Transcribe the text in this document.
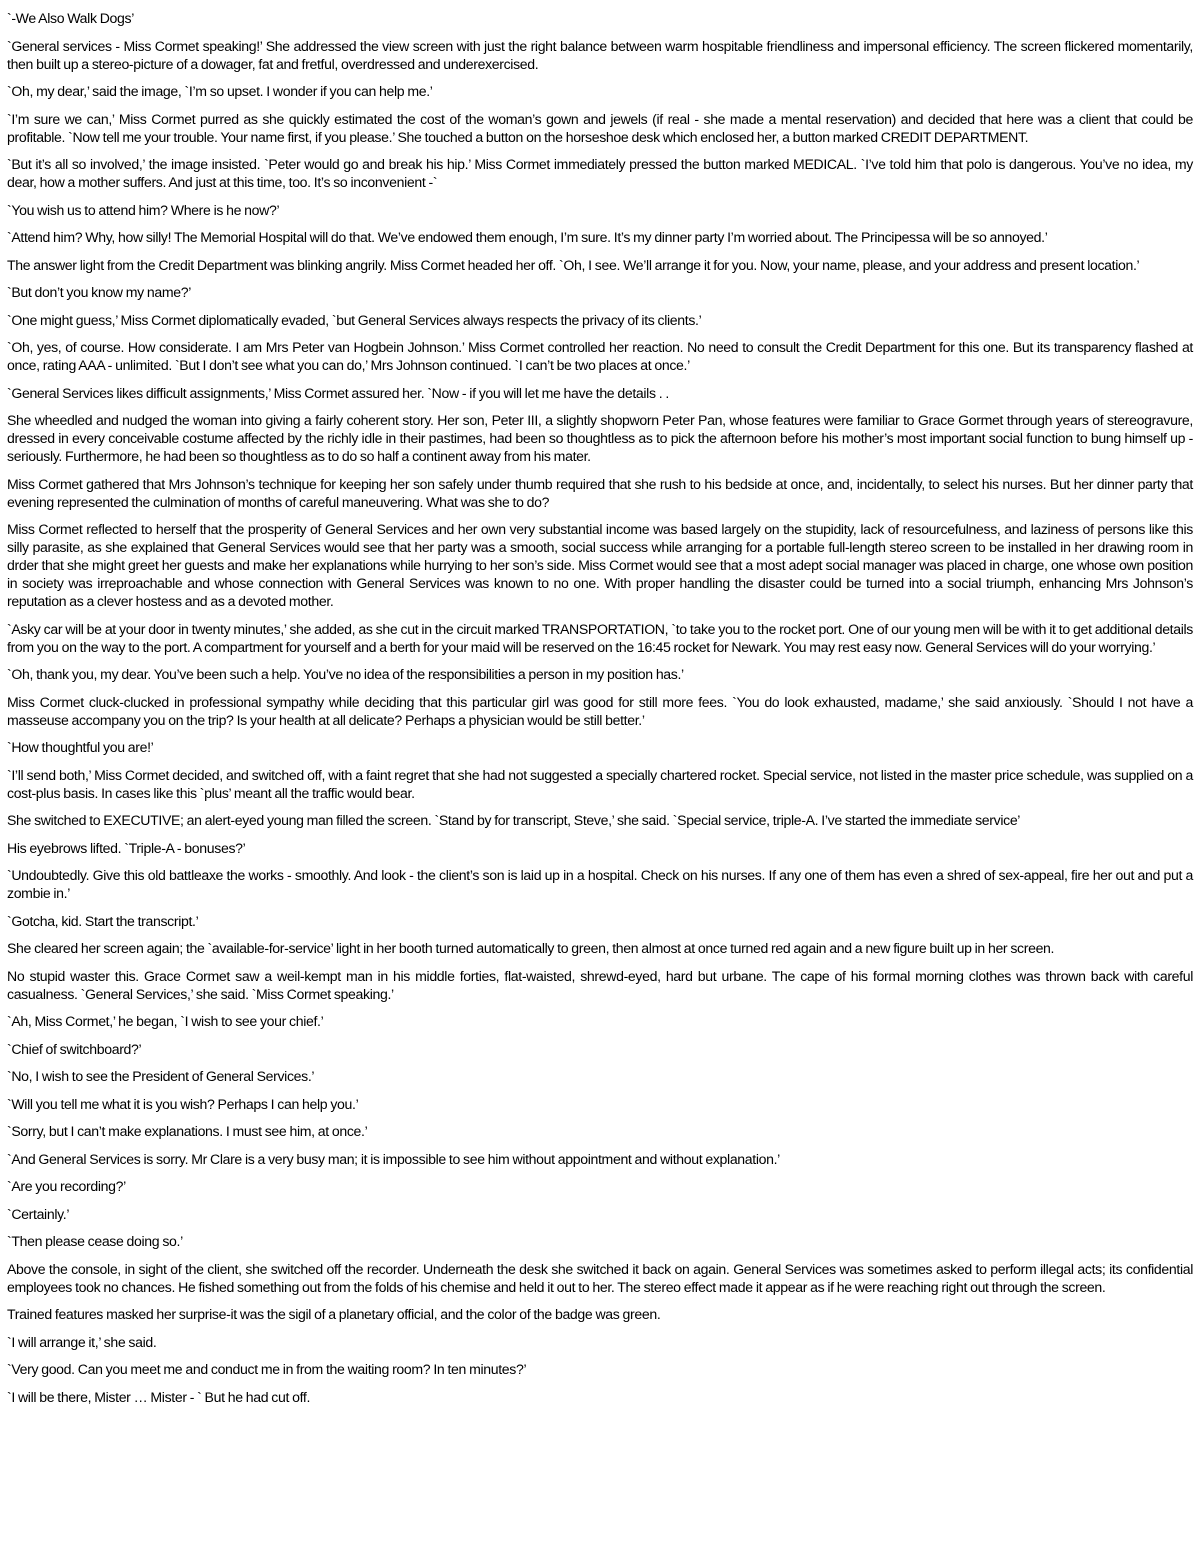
`-We Also Walk Dogs’

`General services - Miss Cormet speaking!’ She addressed the view screen with just the right balance between warm hospitable friendliness and impersonal efficiency. The screen flickered momentarily, then built up a stereo-picture of a dowager, fat and fretful, overdressed and underexercised.

`Oh, my dear,’ said the image, `I’m so upset. I wonder if you can help me.’

`I’m sure we can,’ Miss Cormet purred as she quickly estimated the cost of the woman’s gown and jewels (if real - she made a mental reservation) and decided that here was a client that could be profitable. `Now tell me your trouble. Your name first, if you please.’ She touched a button on the horseshoe desk which enclosed her, a button marked CREDIT DEPARTMENT.

`But it’s all so involved,’ the image insisted. `Peter would go and break his hip.’ Miss Cormet immediately pressed the button marked MEDICAL. `I’ve told him that polo is dangerous. You’ve no idea, my dear, how a mother suffers. And just at this time, too. It’s so inconvenient -`

`You wish us to attend him? Where is he now?’

`Attend him? Why, how silly! The Memorial Hospital will do that. We’ve endowed them enough, I’m sure. It’s my dinner party I’m worried about. The Principessa will be so annoyed.’

The answer light from the Credit Department was blinking angrily. Miss Cormet headed her off. `Oh, I see. We’ll arrange it for you. Now, your name, please, and your address and present location.’

`But don’t you know my name?’

`One might guess,’ Miss Cormet diplomatically evaded, `but General Services always respects the privacy of its clients.’

`Oh, yes, of course. How considerate. I am Mrs Peter van Hogbein Johnson.’ Miss Cormet controlled her reaction. No need to consult the Credit Department for this one. But its transparency flashed at once, rating AAA - unlimited. `But I don’t see what you can do,’ Mrs Johnson continued. `I can’t be two places at once.’

`General Services likes difficult assignments,’ Miss Cormet assured her. `Now - if you will let me have the details . .

She wheedled and nudged the woman into giving a fairly coherent story. Her son, Peter III, a slightly shopworn Peter Pan, whose features were familiar to Grace Gormet through years of stereogravure, dressed in every conceivable costume affected by the richly idle in their pastimes, had been so thoughtless as to pick the afternoon before his mother’s most important social function to bung himself up - seriously. Furthermore, he had been so thoughtless as to do so half a continent away from his mater.

Miss Cormet gathered that Mrs Johnson’s technique for keeping her son safely under thumb required that she rush to his bedside at once, and, incidentally, to select his nurses. But her dinner party that evening represented the culmination of months of careful maneuvering. What was she to do?

Miss Cormet reflected to herself that the prosperity of General Services and her own very substantial income was based largely on the stupidity, lack of resourcefulness, and laziness of persons like this silly parasite, as she explained that General Services would see that her party was a smooth, social success while arranging for a portable full-length stereo screen to be installed in her drawing room in drder that she might greet her guests and make her explanations while hurrying to her son’s side. Miss Cormet would see that a most adept social manager was placed in charge, one whose own position in society was irreproachable and whose connection with General Services was known to no one. With proper handling the disaster could be turned into a social triumph, enhancing Mrs Johnson’s reputation as a clever hostess and as a devoted mother.

`Asky car will be at your door in twenty minutes,’ she added, as she cut in the circuit marked TRANSPORTATION, `to take you to the rocket port. One of our young men will be with it to get additional details from you on the way to the port. A compartment for yourself and a berth for your maid will be reserved on the 16:45 rocket for Newark. You may rest easy now. General Services will do your worrying.’

`Oh, thank you, my dear. You’ve been such a help. You’ve no idea of the responsibilities a person in my position has.’

Miss Cormet cluck-clucked in professional sympathy while deciding that this particular girl was good for still more fees. `You do look exhausted, madame,’ she said anxiously. `Should I not have a masseuse accompany you on the trip? Is your health at all delicate? Perhaps a physician would be still better.’

`How thoughtful you are!’

`I’ll send both,’ Miss Cormet decided, and switched off, with a faint regret that she had not suggested a specially chartered rocket. Special service, not listed in the master price schedule, was supplied on a cost-plus basis. In cases like this `plus’ meant all the traffic would bear.

She switched to EXECUTIVE; an alert-eyed young man filled the screen. `Stand by for transcript, Steve,’ she said. `Special service, triple-A. I’ve started the immediate service’

His eyebrows lifted. `Triple-A - bonuses?’

`Undoubtedly. Give this old battleaxe the works - smoothly. And look - the client’s son is laid up in a hospital. Check on his nurses. If any one of them has even a shred of sex-appeal, fire her out and put a zombie in.’

`Gotcha, kid. Start the transcript.’

She cleared her screen again; the `available-for-service’ light in her booth turned automatically to green, then almost at once turned red again and a new figure built up in her screen.

No stupid waster this. Grace Cormet saw a weil-kempt man in his middle forties, flat-waisted, shrewd-eyed, hard but urbane. The cape of his formal morning clothes was thrown back with careful casualness. `General Services,’ she said. `Miss Cormet speaking.’

`Ah, Miss Cormet,’ he began, `I wish to see your chief.’

`Chief of switchboard?’

`No, I wish to see the President of General Services.’

`Will you tell me what it is you wish? Perhaps I can help you.’

`Sorry, but I can’t make explanations. I must see him, at once.’

`And General Services is sorry. Mr Clare is a very busy man; it is impossible to see him without appointment and without explanation.’

`Are you recording?’

`Certainly.’

`Then please cease doing so.’

Above the console, in sight of the client, she switched off the recorder. Underneath the desk she switched it back on again. General Services was sometimes asked to perform illegal acts; its confidential employees took no chances. He fished something out from the folds of his chemise and held it out to her. The stereo effect made it appear as if he were reaching right out through the screen.

Trained features masked her surprise-it was the sigil of a planetary official, and the color of the badge was green.

`I will arrange it,’ she said.

`Very good. Can you meet me and conduct me in from the waiting room? In ten minutes?’

`I will be there, Mister … Mister - ` But he had cut off.
